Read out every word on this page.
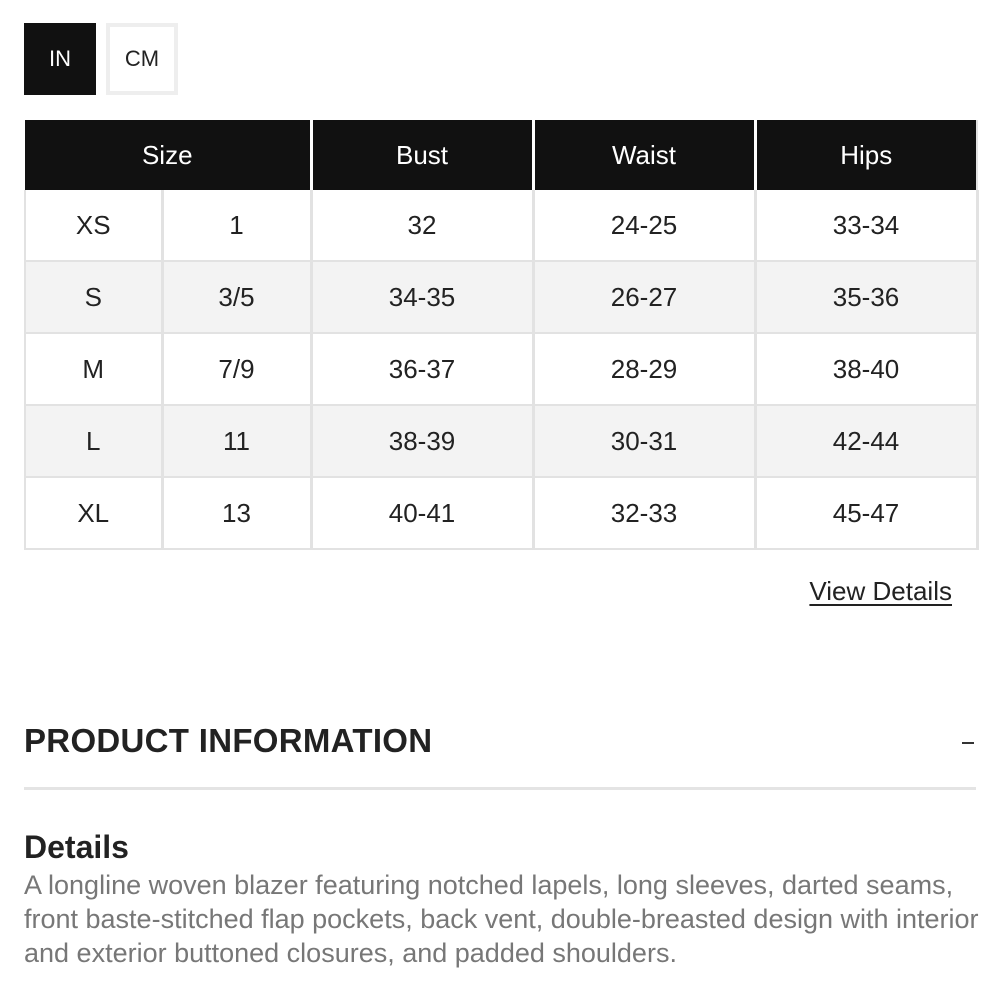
IN	CM
Size		Bust	Waist	Hips
XS	1	32	24-25	33-34
S	3/5	34-35	26-27	35-36
M	7/9	36-37	28-29	38-40
L	11	38-39	30-31	42-44
XL	13	40-41	32-33	45-47
View Details
PRODUCT INFORMATION
Details
A longline woven blazer featuring notched lapels, long sleeves, darted seams, front baste-stitched flap pockets, back vent, double-breasted design with interior and exterior buttoned closures, and padded shoulders.
